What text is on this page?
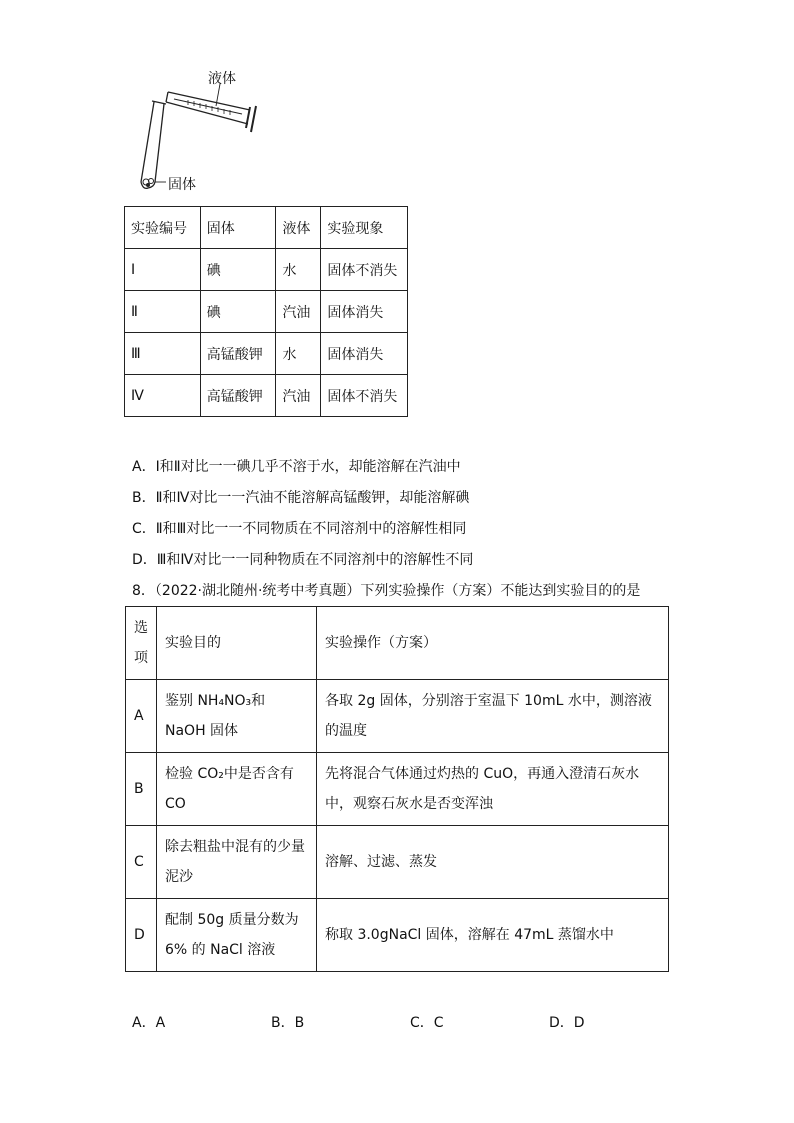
液体
固体
实验编号	固体	液体	实验现象
Ⅰ	碘	水	固体不消失
Ⅱ	碘	汽油	固体消失
Ⅲ	高锰酸钾	水	固体消失
Ⅳ	高锰酸钾	汽油	固体不消失
A．Ⅰ和Ⅱ对比一一碘几乎不溶于水，却能溶解在汽油中
B．Ⅱ和Ⅳ对比一一汽油不能溶解高锰酸钾，却能溶解碘
C．Ⅱ和Ⅲ对比一一不同物质在不同溶剂中的溶解性相同
D．Ⅲ和Ⅳ对比一一同种物质在不同溶剂中的溶解性不同
8．（2022·湖北随州·统考中考真题）下列实验操作（方案）不能达到实验目的的是
选项	实验目的	实验操作（方案）
A	鉴别 NH₄NO₃和 NaOH 固体	各取 2g 固体，分别溶于室温下 10mL 水中，测溶液的温度
B	检验 CO₂中是否含有 CO	先将混合气体通过灼热的 CuO，再通入澄清石灰水中，观察石灰水是否变浑浊
C	除去粗盐中混有的少量泥沙	溶解、过滤、蒸发
D	配制 50g 质量分数为 6% 的 NaCl 溶液	称取 3.0gNaCl 固体，溶解在 47mL 蒸馏水中
A．A	B．B	C．C	D．D
